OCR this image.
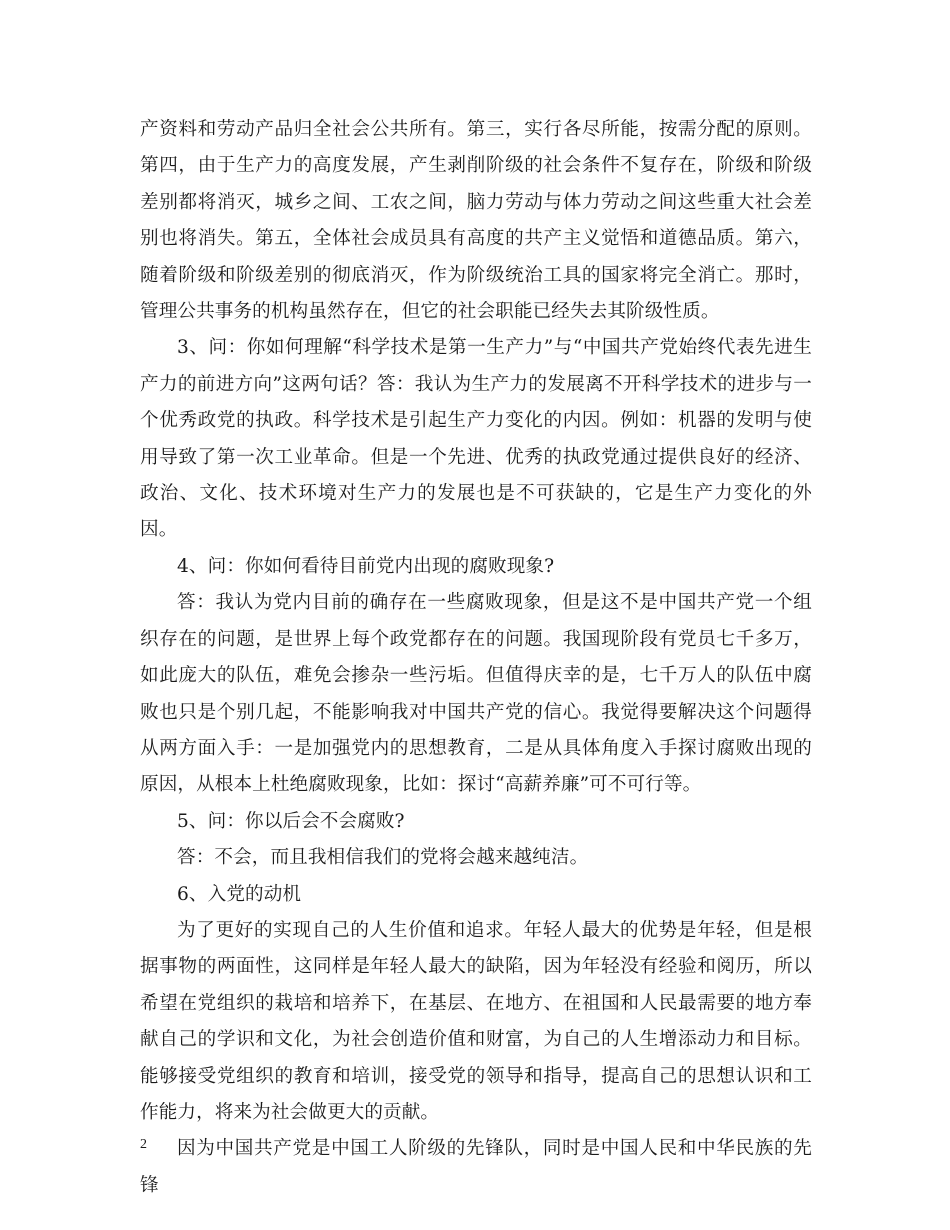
产资料和劳动产品归全社会公共所有。第三，实行各尽所能，按需分配的原则。第四，由于生产力的高度发展，产生剥削阶级的社会条件不复存在，阶级和阶级差别都将消灭，城乡之间、工农之间，脑力劳动与体力劳动之间这些重大社会差别也将消失。第五，全体社会成员具有高度的共产主义觉悟和道德品质。第六，随着阶级和阶级差别的彻底消灭，作为阶级统治工具的国家将完全消亡。那时，管理公共事务的机构虽然存在，但它的社会职能已经失去其阶级性质。

3、问：你如何理解“科学技术是第一生产力”与“中国共产党始终代表先进生产力的前进方向”这两句话？答：我认为生产力的发展离不开科学技术的进步与一个优秀政党的执政。科学技术是引起生产力变化的内因。例如：机器的发明与使用导致了第一次工业革命。但是一个先进、优秀的执政党通过提供良好的经济、政治、文化、技术环境对生产力的发展也是不可获缺的，它是生产力变化的外因。

4、问：你如何看待目前党内出现的腐败现象?

答：我认为党内目前的确存在一些腐败现象，但是这不是中国共产党一个组织存在的问题，是世界上每个政党都存在的问题。我国现阶段有党员七千多万，如此庞大的队伍，难免会掺杂一些污垢。但值得庆幸的是，七千万人的队伍中腐败也只是个别几起，不能影响我对中国共产党的信心。我觉得要解决这个问题得从两方面入手：一是加强党内的思想教育，二是从具体角度入手探讨腐败出现的原因，从根本上杜绝腐败现象，比如：探讨“高薪养廉”可不可行等。

5、问：你以后会不会腐败?

答：不会，而且我相信我们的党将会越来越纯洁。

6、入党的动机

为了更好的实现自己的人生价值和追求。年轻人最大的优势是年轻，但是根据事物的两面性，这同样是年轻人最大的缺陷，因为年轻没有经验和阅历，所以希望在党组织的栽培和培养下，在基层、在地方、在祖国和人民最需要的地方奉献自己的学识和文化，为社会创造价值和财富，为自己的人生增添动力和目标。能够接受党组织的教育和培训，接受党的领导和指导，提高自己的思想认识和工作能力，将来为社会做更大的贡献。

因为中国共产党是中国工人阶级的先锋队，同时是中国人民和中华民族的先锋

2
